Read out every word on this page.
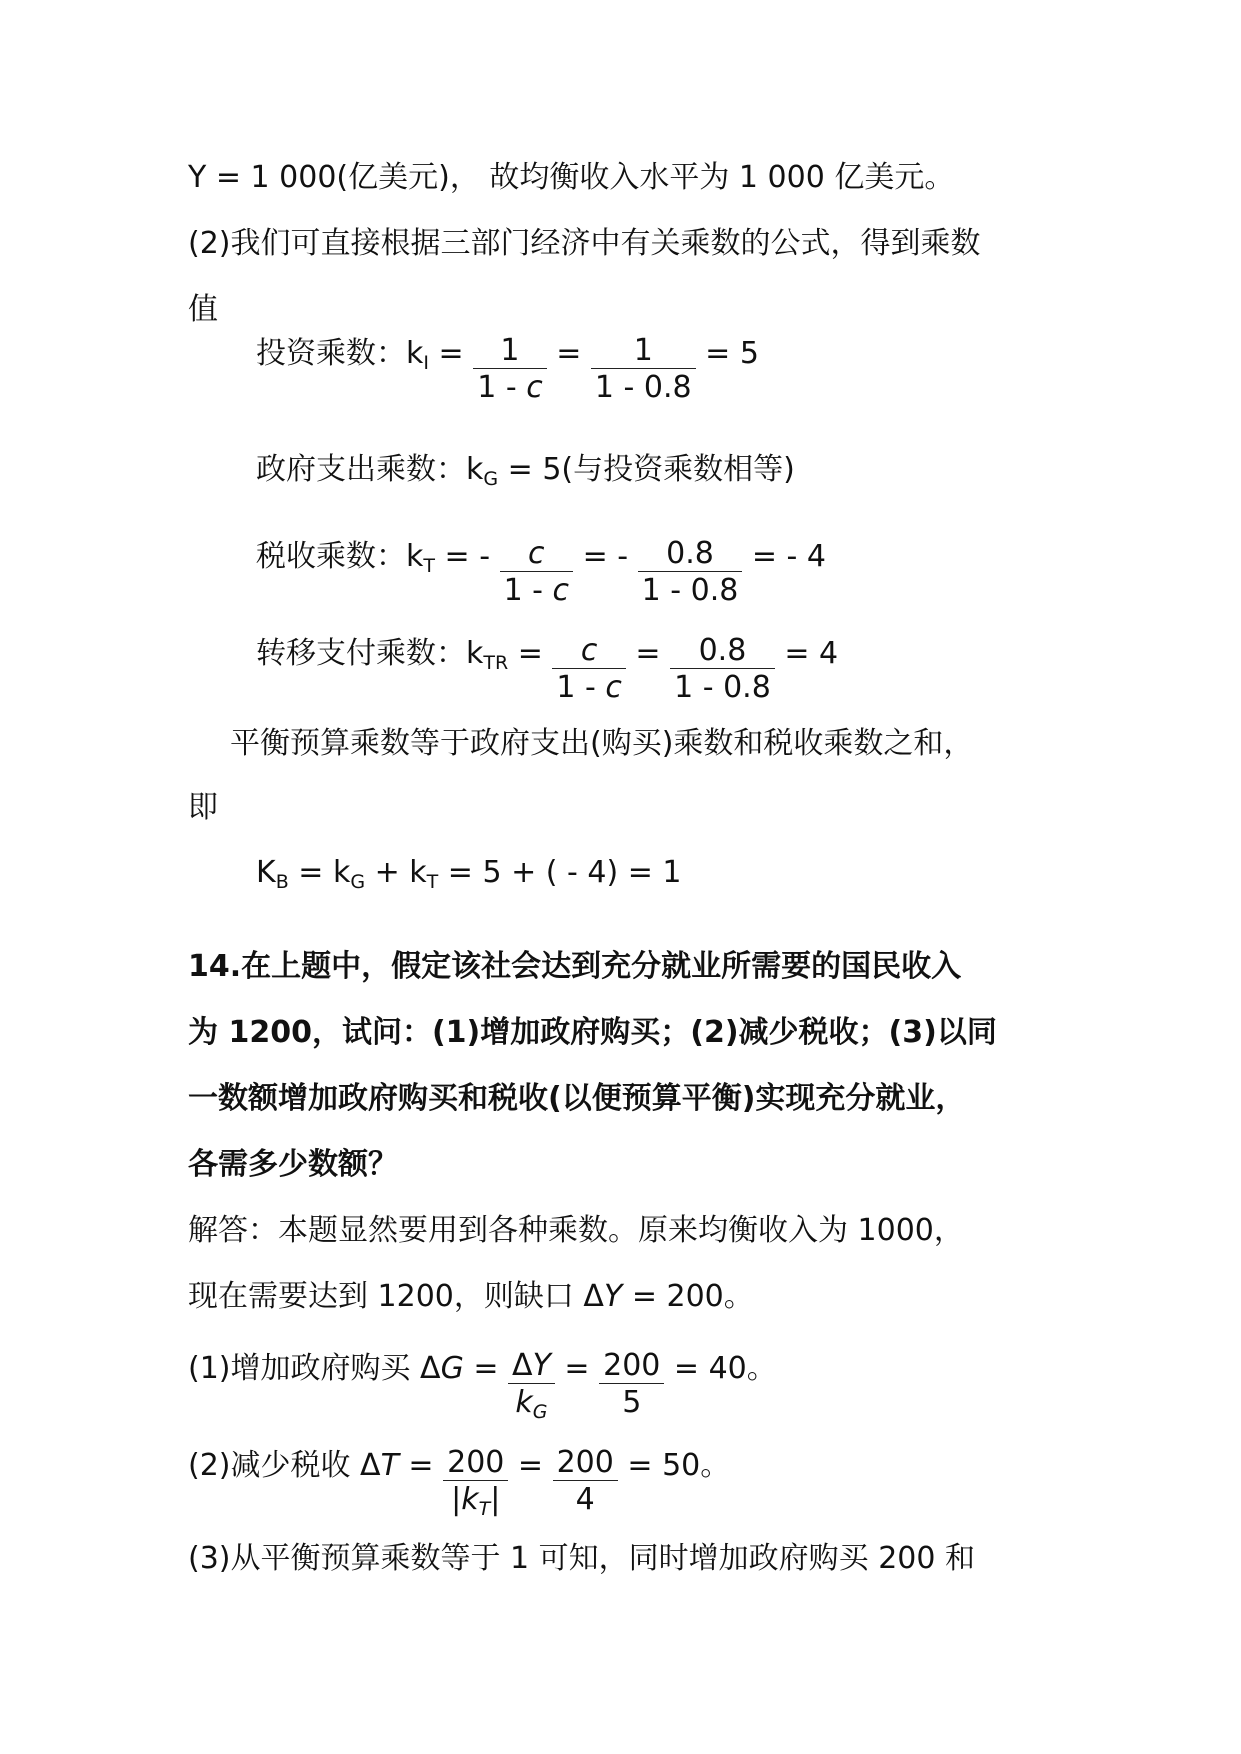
Y = 1 000(亿美元)， 故均衡收入水平为 1 000 亿美元。
(2)我们可直接根据三部门经济中有关乘数的公式，得到乘数
值
投资乘数：$k_I = \frac{1}{1 - c} = \frac{1}{1 - 0.8} = 5$
政府支出乘数：$k_G = 5$(与投资乘数相等)
税收乘数：$k_T$ = - $\frac{c}{1 - c}$ = - $\frac{0.8}{1 - 0.8}$ = - 4
转移支付乘数：$k_{TR} = \frac{c}{1 - c} = \frac{0.8}{1 - 0.8} = 4$
平衡预算乘数等于政府支出(购买)乘数和税收乘数之和，
即
$K_B = k_G + k_T = 5$ + ( - 4) = 1
14.在上题中，假定该社会达到充分就业所需要的国民收入
为 1200，试问：(1)增加政府购买；(2)减少税收；(3)以同
一数额增加政府购买和税收(以便预算平衡)实现充分就业，
各需多少数额？
解答：本题显然要用到各种乘数。原来均衡收入为 1000，
现在需要达到 1200，则缺口 ΔY = 200。
(1)增加政府购买 $\Delta G = \frac{\Delta Y}{k_G} = \frac{200}{5} = 40$。
(2)减少税收 $\Delta T = \frac{200}{|k_T|} = \frac{200}{4} = 50$。
(3)从平衡预算乘数等于 1 可知，同时增加政府购买 200 和
